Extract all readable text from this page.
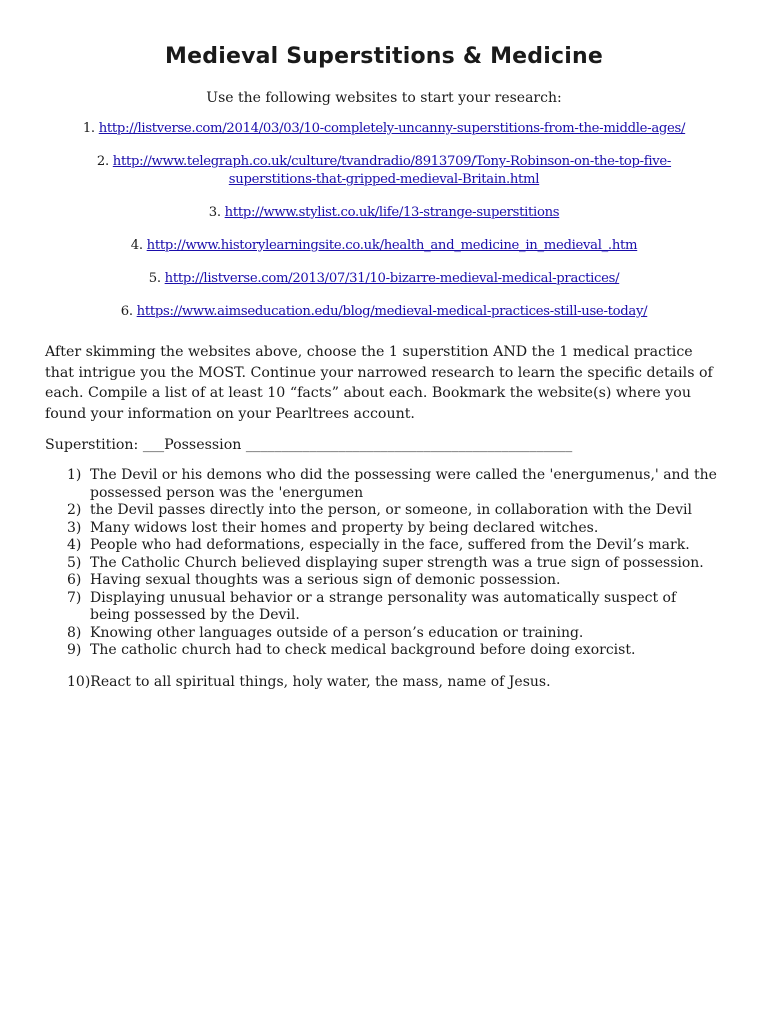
Medieval Superstitions & Medicine
Use the following websites to start your research:
1. http://listverse.com/2014/03/03/10-completely-uncanny-superstitions-from-the-middle-ages/
2. http://www.telegraph.co.uk/culture/tvandradio/8913709/Tony-Robinson-on-the-top-five-superstitions-that-gripped-medieval-Britain.html
3. http://www.stylist.co.uk/life/13-strange-superstitions
4. http://www.historylearningsite.co.uk/health_and_medicine_in_medieval_.htm
5. http://listverse.com/2013/07/31/10-bizarre-medieval-medical-practices/
6. https://www.aimseducation.edu/blog/medieval-medical-practices-still-use-today/

After skimming the websites above, choose the 1 superstition AND the 1 medical practice that intrigue you the MOST. Continue your narrowed research to learn the specific details of each. Compile a list of at least 10 “facts” about each. Bookmark the website(s) where you found your information on your Pearltrees account.

Superstition: ___Possession ______________________________________________
1) The Devil or his demons who did the possessing were called the 'energumenus,' and the possessed person was the 'energumen
2) the Devil passes directly into the person, or someone, in collaboration with the Devil
3) Many widows lost their homes and property by being declared witches.
4) People who had deformations, especially in the face, suffered from the Devil’s mark.
5) The Catholic Church believed displaying super strength was a true sign of possession.
6) Having sexual thoughts was a serious sign of demonic possession.
7) Displaying unusual behavior or a strange personality was automatically suspect of being possessed by the Devil.
8) Knowing other languages outside of a person’s education or training.
9) The catholic church had to check medical background before doing exorcist.
10) React to all spiritual things, holy water, the mass, name of Jesus.
